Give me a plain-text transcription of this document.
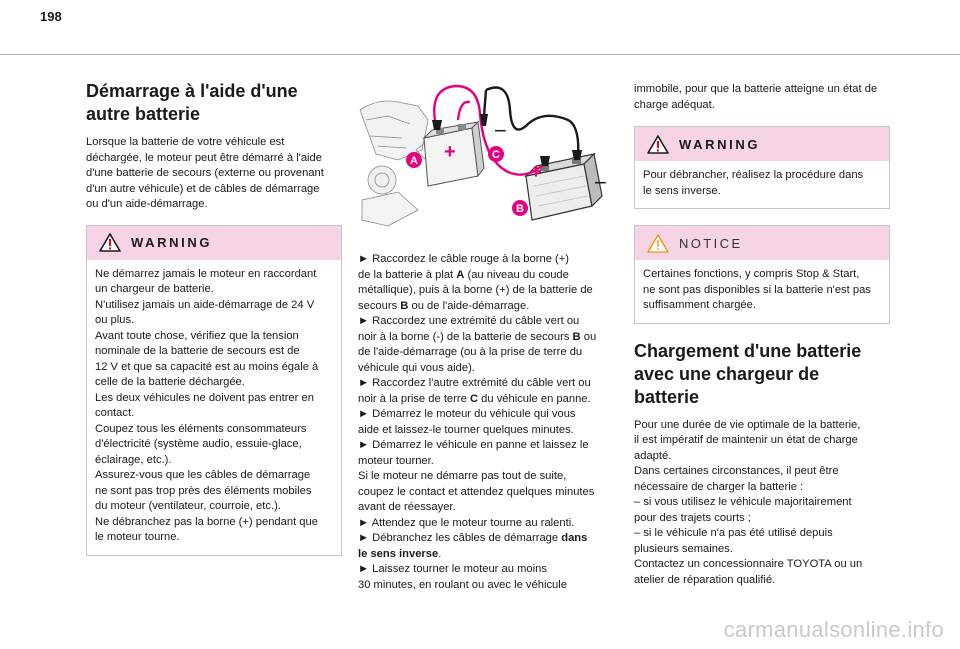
198
Démarrage à l'aide d'une
autre batterie

Lorsque la batterie de votre véhicule est
déchargée, le moteur peut être démarré à l'aide
d'une batterie de secours (externe ou provenant
d'un autre véhicule) et de câbles de démarrage
ou d'un aide-démarrage.

WARNING
Ne démarrez jamais le moteur en raccordant
un chargeur de batterie.
N'utilisez jamais un aide-démarrage de 24 V
ou plus.
Avant toute chose, vérifiez que la tension
nominale de la batterie de secours est de
12 V et que sa capacité est au moins égale à
celle de la batterie déchargée.
Les deux véhicules ne doivent pas entrer en
contact.
Coupez tous les éléments consommateurs
d'électricité (système audio, essuie-glace,
éclairage, etc.).
Assurez-vous que les câbles de démarrage
ne sont pas trop près des éléments mobiles
du moteur (ventilateur, courroie, etc.).
Ne débranchez pas la borne (+) pendant que
le moteur tourne.
A	C
B
+
+
−
−
► Raccordez le câble rouge à la borne (+)
de la batterie à plat A (au niveau du coude
métallique), puis à la borne (+) de la batterie de
secours B ou de l'aide-démarrage.
► Raccordez une extrémité du câble vert ou
noir à la borne (-) de la batterie de secours B ou
de l'aide-démarrage (ou à la prise de terre du
véhicule qui vous aide).
► Raccordez l'autre extrémité du câble vert ou
noir à la prise de terre C du véhicule en panne.
► Démarrez le moteur du véhicule qui vous
aide et laissez-le tourner quelques minutes.
► Démarrez le véhicule en panne et laissez le
moteur tourner.
Si le moteur ne démarre pas tout de suite,
coupez le contact et attendez quelques minutes
avant de réessayer.
► Attendez que le moteur tourne au ralenti.
► Débranchez les câbles de démarrage dans
le sens inverse.
► Laissez tourner le moteur au moins
30 minutes, en roulant ou avec le véhicule
immobile, pour que la batterie atteigne un état de
charge adéquat.
WARNING
Pour débrancher, réalisez la procédure dans
le sens inverse.
NOTICE
Certaines fonctions, y compris Stop & Start,
ne sont pas disponibles si la batterie n'est pas
suffisamment chargée.
Chargement d'une batterie
avec une chargeur de
batterie

Pour une durée de vie optimale de la batterie,
il est impératif de maintenir un état de charge
adapté.
Dans certaines circonstances, il peut être
nécessaire de charger la batterie :
– si vous utilisez le véhicule majoritairement
pour des trajets courts ;
– si le véhicule n'a pas été utilisé depuis
plusieurs semaines.
Contactez un concessionnaire TOYOTA ou un
atelier de réparation qualifié.

carmanualsonline.info
